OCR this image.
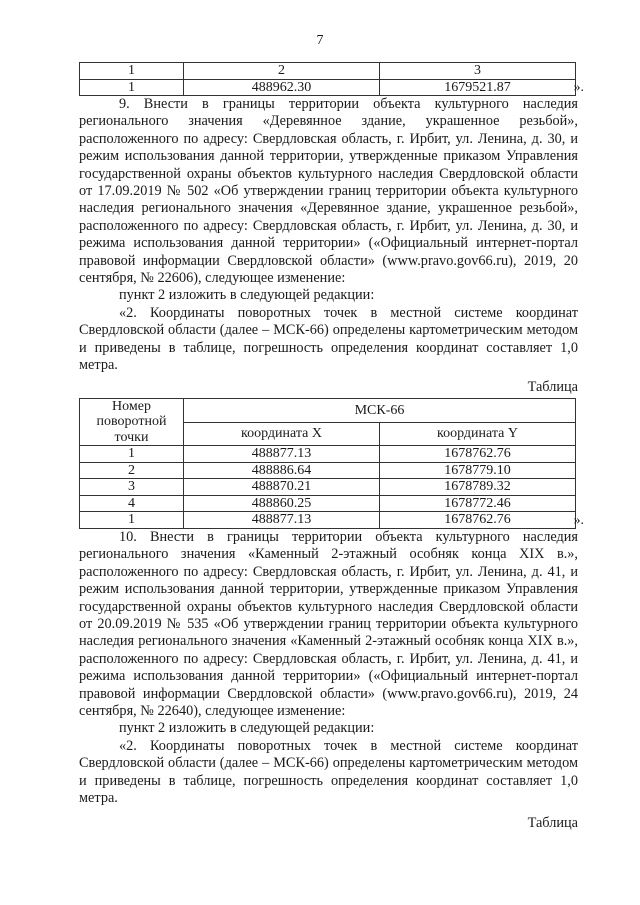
7
1	2	3
1	488962.30	1679521.87	».

9. Внести в границы территории объекта культурного наследия регионального значения «Деревянное здание, украшенное резьбой», расположенного по адресу: Свердловская область, г. Ирбит, ул. Ленина, д. 30, и режим использования данной территории, утвержденные приказом Управления государственной охраны объектов культурного наследия Свердловской области от 17.09.2019 № 502 «Об утверждении границ территории объекта культурного наследия регионального значения «Деревянное здание, украшенное резьбой», расположенного по адресу: Свердловская область, г. Ирбит, ул. Ленина, д. 30, и режима использования данной территории» («Официальный интернет-портал правовой информации Свердловской области» (www.pravo.gov66.ru), 2019, 20 сентября, № 22606), следующее изменение:

пункт 2 изложить в следующей редакции:

«2. Координаты поворотных точек в местной системе координат Свердловской области (далее – МСК-66) определены картометрическим методом и приведены в таблице, погрешность определения координат составляет 1,0 метра.

Таблица
Номер поворотной точки	МСК-66	
	координата X	координата Y
1	488877.13	1678762.76
2	488886.64	1678779.10
3	488870.21	1678789.32
4	488860.25	1678772.46
1	488877.13	1678762.76	».

10. Внести в границы территории объекта культурного наследия регионального значения «Каменный 2-этажный особняк конца XIX в.», расположенного по адресу: Свердловская область, г. Ирбит, ул. Ленина, д. 41, и режим использования данной территории, утвержденные приказом Управления государственной охраны объектов культурного наследия Свердловской области от 20.09.2019 № 535 «Об утверждении границ территории объекта культурного наследия регионального значения «Каменный 2-этажный особняк конца XIX в.», расположенного по адресу: Свердловская область, г. Ирбит, ул. Ленина, д. 41, и режима использования данной территории» («Официальный интернет-портал правовой информации Свердловской области» (www.pravo.gov66.ru), 2019, 24 сентября, № 22640), следующее изменение:

пункт 2 изложить в следующей редакции:

«2. Координаты поворотных точек в местной системе координат Свердловской области (далее – МСК-66) определены картометрическим методом и приведены в таблице, погрешность определения координат составляет 1,0 метра.

Таблица
